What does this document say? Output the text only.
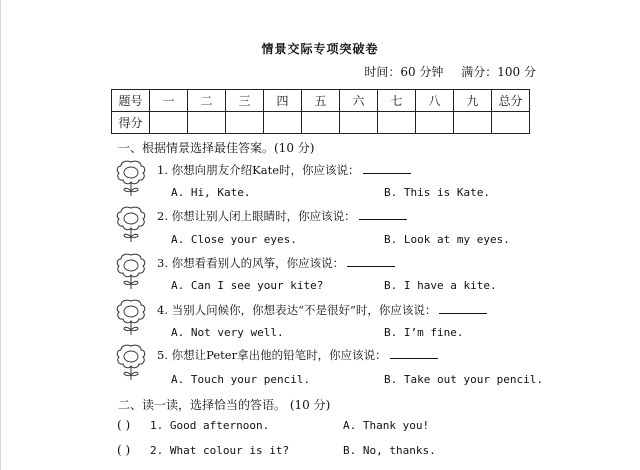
情景交际专项突破卷
时间：60 分钟 满分：100 分
题号	一	二	三	四	五	六	七	八	九	总分
得分										
一、根据情景选择最佳答案。(10 分)
1. 你想向朋友介绍Kate时，你应该说：
A. Hi, Kate.	B. This is Kate.
2. 你想让别人闭上眼睛时，你应该说：
A. Close your eyes.	B. Look at my eyes.
3. 你想看看别人的风筝，你应该说：
A. Can I see your kite?	B. I have a kite.
4. 当别人问候你，你想表达“不是很好”时，你应该说：
A. Not very well.	B. I’m fine.
5. 你想让Peter拿出他的铅笔时，你应该说：
A. Touch your pencil.	B. Take out your pencil.
二、读一读，选择恰当的答语。 (10 分)
( ) 1. Good afternoon.	A. Thank you!
( ) 2. What colour is it?	B. No, thanks.
